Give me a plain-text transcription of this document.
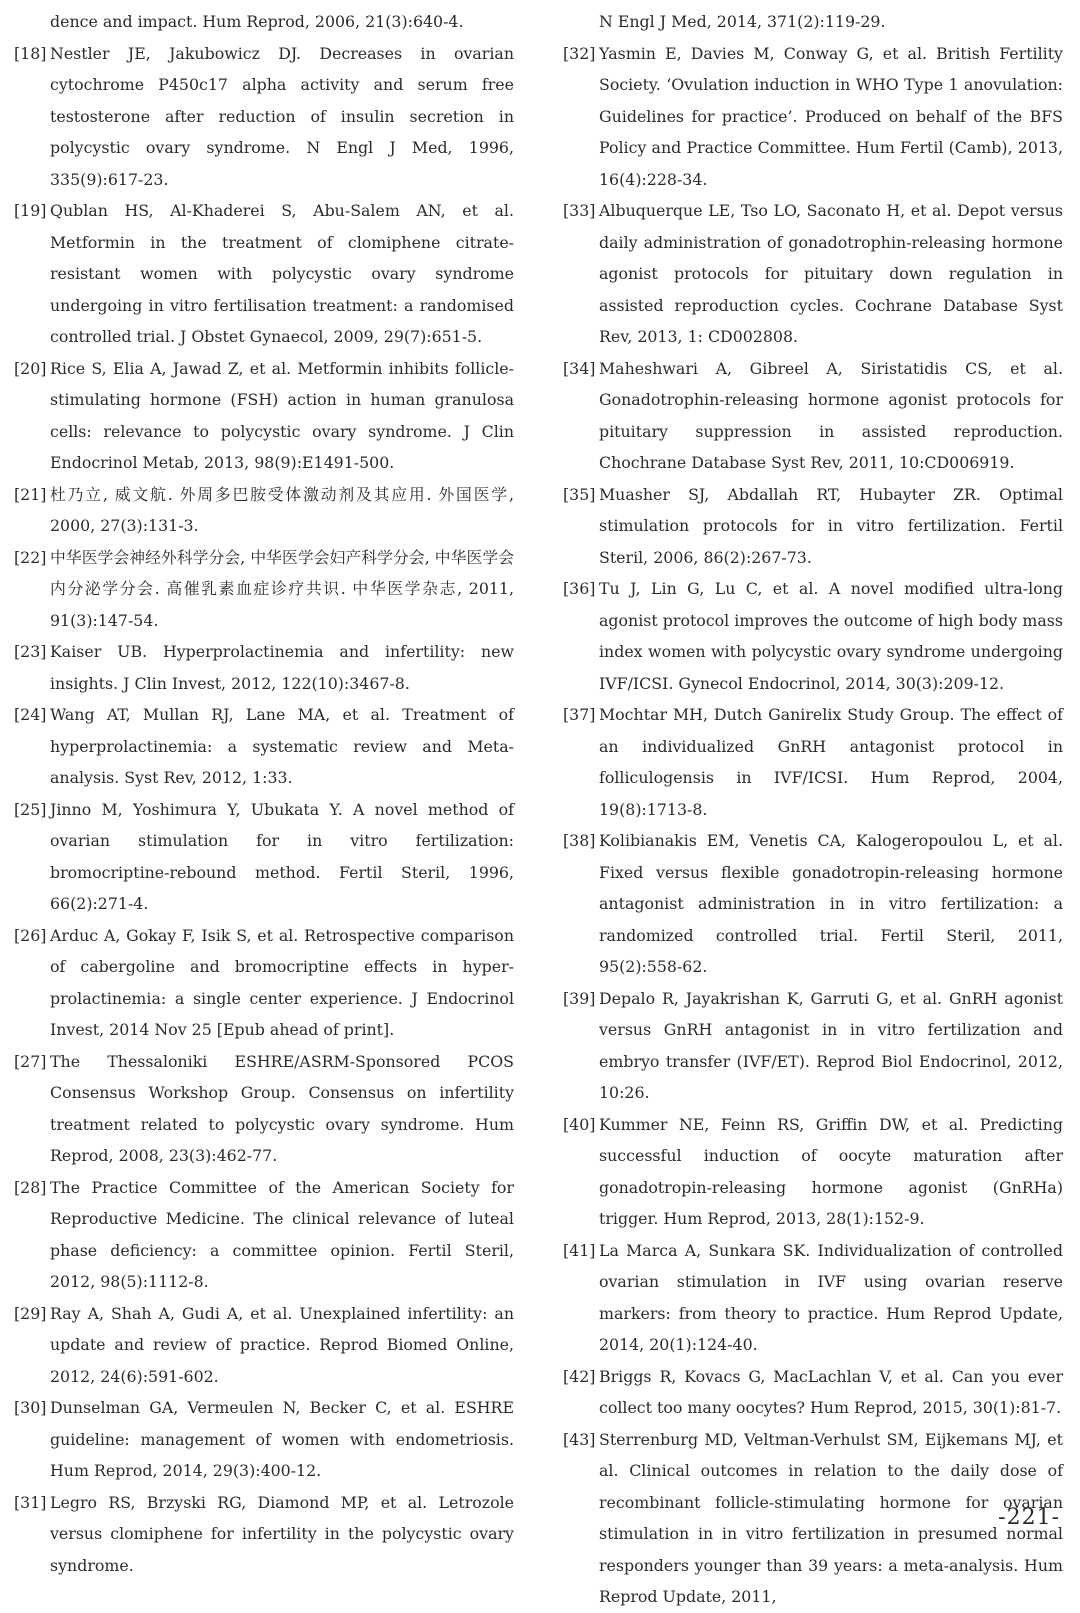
dence and impact. Hum Reprod, 2006, 21(3):640-4.

[18] Nestler JE, Jakubowicz DJ. Decreases in ovarian cytochrome P450c17 alpha activity and serum free testosterone after reduction of insulin secretion in polycystic ovary syndrome. N Engl J Med, 1996, 335(9):617-23.

[19] Qublan HS, Al-Khaderei S, Abu-Salem AN, et al. Metformin in the treatment of clomiphene citrate-resistant women with polycystic ovary syndrome undergoing in vitro fertilisation treatment: a randomised controlled trial. J Obstet Gynaecol, 2009, 29(7):651-5.

[20] Rice S, Elia A, Jawad Z, et al. Metformin inhibits follicle-stimulating hormone (FSH) action in human granulosa cells: relevance to polycystic ovary syndrome. J Clin Endocrinol Metab, 2013, 98(9):E1491-500.

[21] 杜乃立, 威文航. 外周多巴胺受体激动剂及其应用. 外国医学, 2000, 27(3):131-3.

[22] 中华医学会神经外科学分会, 中华医学会妇产科学分会, 中华医学会内分泌学分会. 高催乳素血症诊疗共识. 中华医学杂志, 2011, 91(3):147-54.

[23] Kaiser UB. Hyperprolactinemia and infertility: new insights. J Clin Invest, 2012, 122(10):3467-8.

[24] Wang AT, Mullan RJ, Lane MA, et al. Treatment of hyperprolactinemia: a systematic review and Meta-analysis. Syst Rev, 2012, 1:33.

[25] Jinno M, Yoshimura Y, Ubukata Y. A novel method of ovarian stimulation for in vitro fertilization: bromocriptine-rebound method. Fertil Steril, 1996, 66(2):271-4.

[26] Arduc A, Gokay F, Isik S, et al. Retrospective comparison of cabergoline and bromocriptine effects in hyper-prolactinemia: a single center experience. J Endocrinol Invest, 2014 Nov 25 [Epub ahead of print].

[27] The Thessaloniki ESHRE/ASRM-Sponsored PCOS Consensus Workshop Group. Consensus on infertility treatment related to polycystic ovary syndrome. Hum Reprod, 2008, 23(3):462-77.

[28] The Practice Committee of the American Society for Reproductive Medicine. The clinical relevance of luteal phase deficiency: a committee opinion. Fertil Steril, 2012, 98(5):1112-8.

[29] Ray A, Shah A, Gudi A, et al. Unexplained infertility: an update and review of practice. Reprod Biomed Online, 2012, 24(6):591-602.

[30] Dunselman GA, Vermeulen N, Becker C, et al. ESHRE guideline: management of women with endometriosis. Hum Reprod, 2014, 29(3):400-12.

[31] Legro RS, Brzyski RG, Diamond MP, et al. Letrozole versus clomiphene for infertility in the polycystic ovary syndrome.

N Engl J Med, 2014, 371(2):119-29.

[32] Yasmin E, Davies M, Conway G, et al. British Fertility Society. ‘Ovulation induction in WHO Type 1 anovulation: Guidelines for practice’. Produced on behalf of the BFS Policy and Practice Committee. Hum Fertil (Camb), 2013, 16(4):228-34.

[33] Albuquerque LE, Tso LO, Saconato H, et al. Depot versus daily administration of gonadotrophin-releasing hormone agonist protocols for pituitary down regulation in assisted reproduction cycles. Cochrane Database Syst Rev, 2013, 1: CD002808.

[34] Maheshwari A, Gibreel A, Siristatidis CS, et al. Gonadotrophin-releasing hormone agonist protocols for pituitary suppression in assisted reproduction. Chochrane Database Syst Rev, 2011, 10:CD006919.

[35] Muasher SJ, Abdallah RT, Hubayter ZR. Optimal stimulation protocols for in vitro fertilization. Fertil Steril, 2006, 86(2):267-73.

[36] Tu J, Lin G, Lu C, et al. A novel modified ultra-long agonist protocol improves the outcome of high body mass index women with polycystic ovary syndrome undergoing IVF/ICSI. Gynecol Endocrinol, 2014, 30(3):209-12.

[37] Mochtar MH, Dutch Ganirelix Study Group. The effect of an individualized GnRH antagonist protocol in folliculogensis in IVF/ICSI. Hum Reprod, 2004, 19(8):1713-8.

[38] Kolibianakis EM, Venetis CA, Kalogeropoulou L, et al. Fixed versus flexible gonadotropin-releasing hormone antagonist administration in in vitro fertilization: a randomized controlled trial. Fertil Steril, 2011, 95(2):558-62.

[39] Depalo R, Jayakrishan K, Garruti G, et al. GnRH agonist versus GnRH antagonist in in vitro fertilization and embryo transfer (IVF/ET). Reprod Biol Endocrinol, 2012, 10:26.

[40] Kummer NE, Feinn RS, Griffin DW, et al. Predicting successful induction of oocyte maturation after gonadotropin-releasing hormone agonist (GnRHa) trigger. Hum Reprod, 2013, 28(1):152-9.

[41] La Marca A, Sunkara SK. Individualization of controlled ovarian stimulation in IVF using ovarian reserve markers: from theory to practice. Hum Reprod Update, 2014, 20(1):124-40.

[42] Briggs R, Kovacs G, MacLachlan V, et al. Can you ever collect too many oocytes? Hum Reprod, 2015, 30(1):81-7.

[43] Sterrenburg MD, Veltman-Verhulst SM, Eijkemans MJ, et al. Clinical outcomes in relation to the daily dose of recombinant follicle-stimulating hormone for ovarian stimulation in in vitro fertilization in presumed normal responders younger than 39 years: a meta-analysis. Hum Reprod Update, 2011,

-221-
